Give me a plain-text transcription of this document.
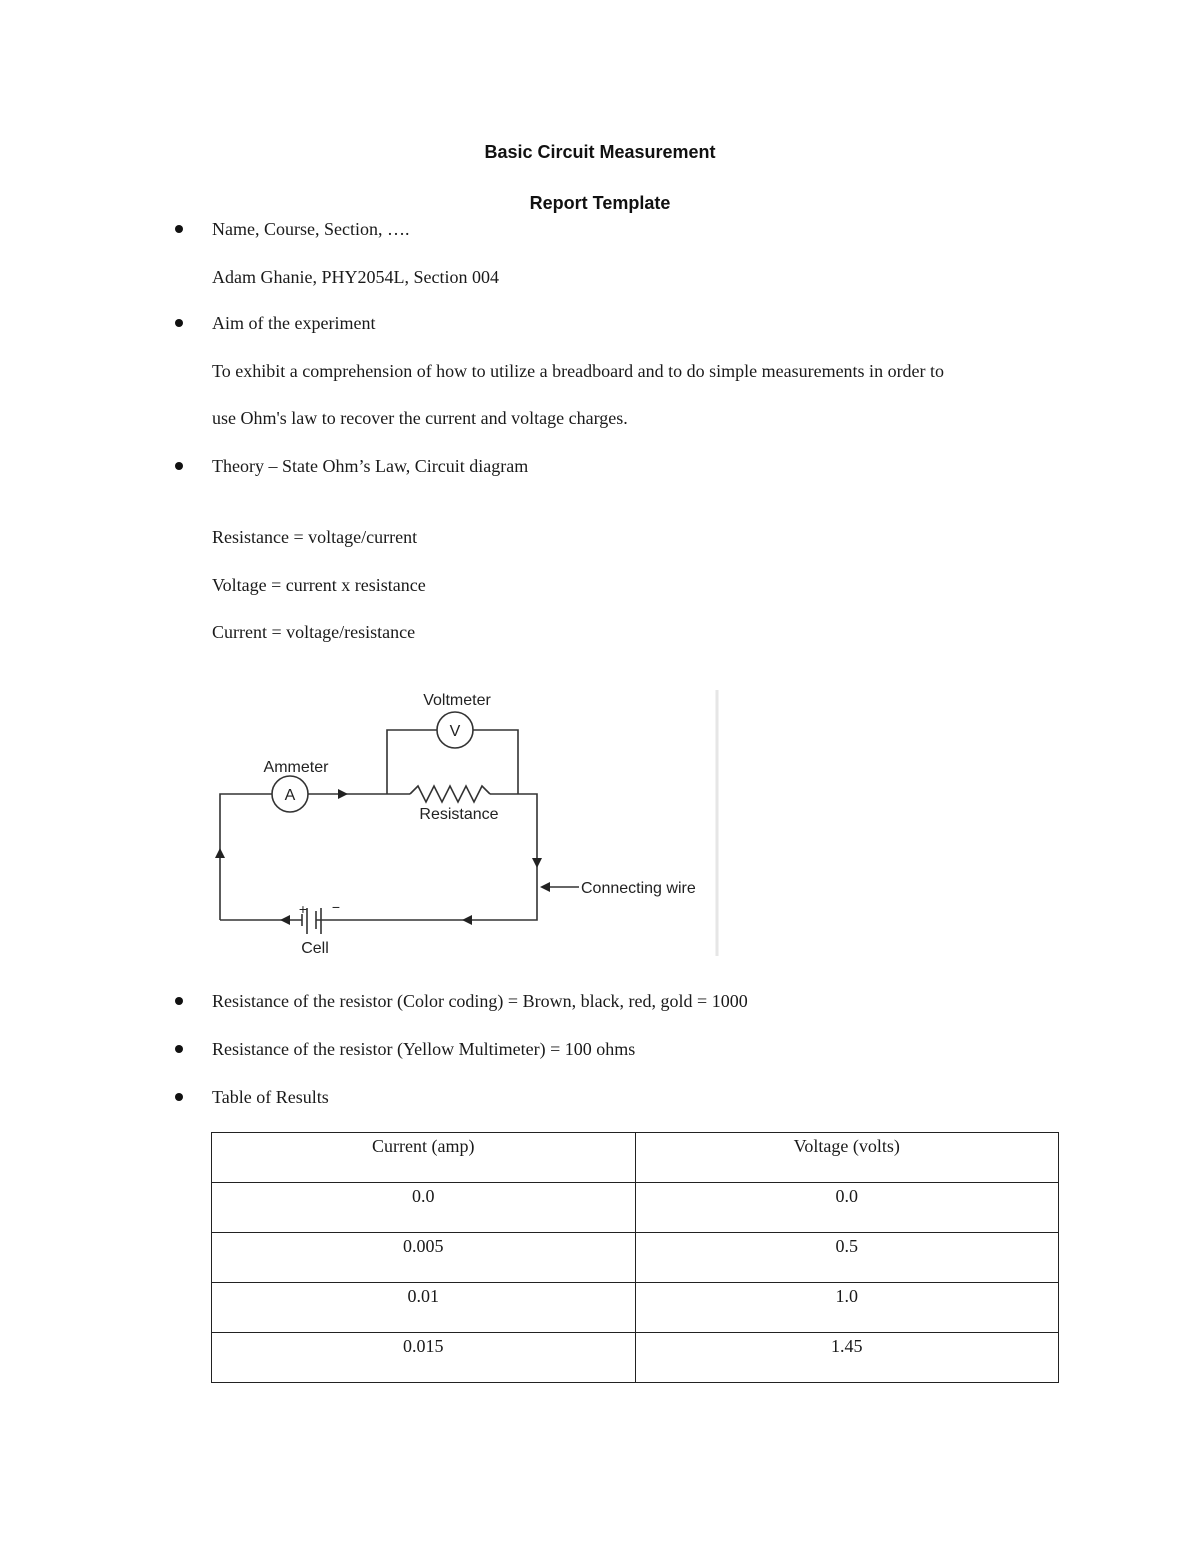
Basic Circuit Measurement
Report Template
Name, Course, Section, ….
Adam Ghanie, PHY2054L, Section 004
Aim of the experiment
To exhibit a comprehension of how to utilize a breadboard and to do simple measurements in order to
use Ohm's law to recover the current and voltage charges.
Theory – State Ohm’s Law, Circuit diagram
Resistance = voltage/current
Voltage = current x resistance
Current = voltage/resistance
Voltmeter
V
Ammeter
A
Resistance
Connecting wire
Cell
+ −
Resistance of the resistor (Color coding) = Brown, black, red, gold = 1000
Resistance of the resistor (Yellow Multimeter) = 100 ohms
Table of Results
Current (amp)	Voltage (volts)
0.0	0.0
0.005	0.5
0.01	1.0
0.015	1.45
